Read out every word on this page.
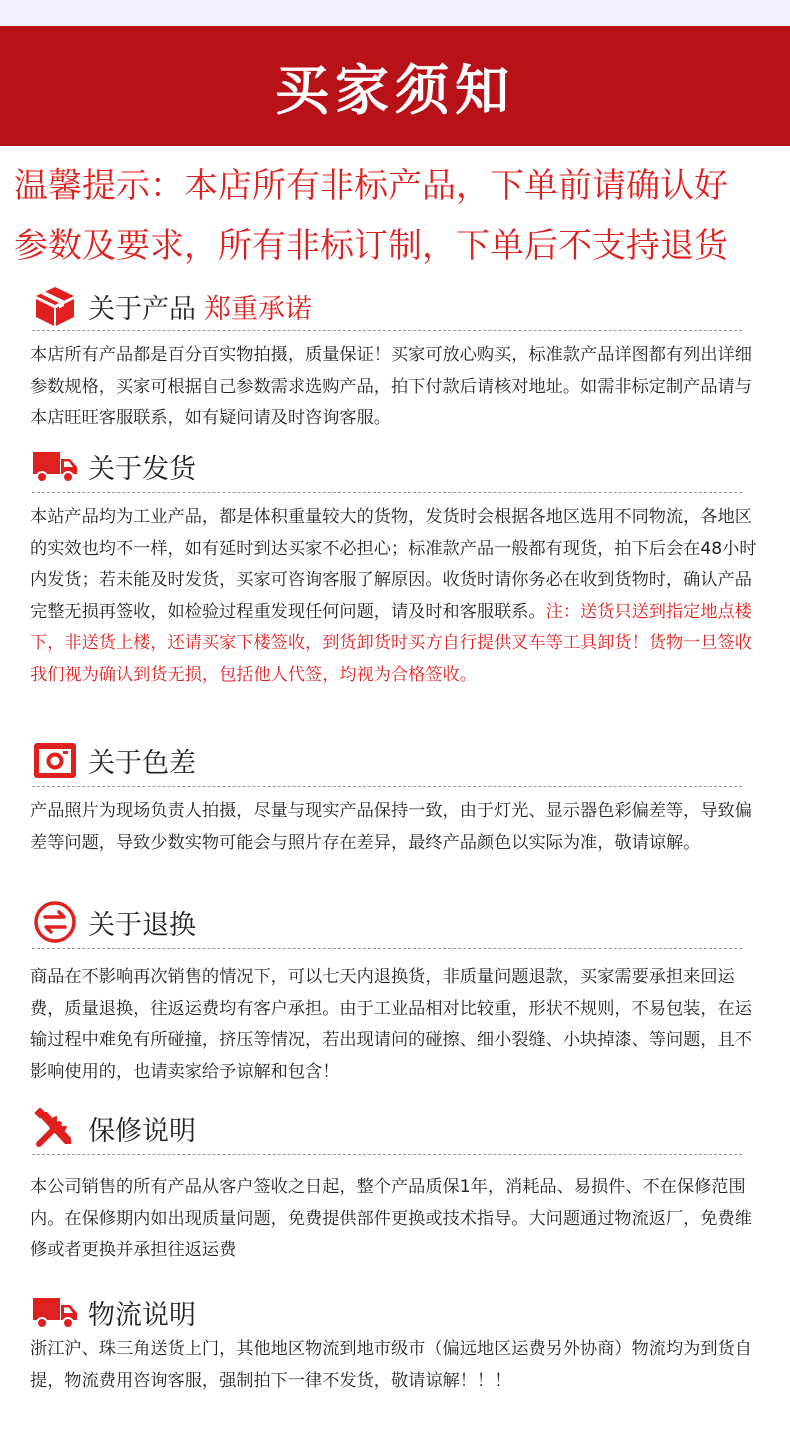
买家须知
温馨提示：本店所有非标产品，下单前请确认好
参数及要求，所有非标订制，下单后不支持退货
关于产品 郑重承诺
本店所有产品都是百分百实物拍摄，质量保证！买家可放心购买，标准款产品详图都有列出详细参数规格，买家可根据自己参数需求选购产品，拍下付款后请核对地址。如需非标定制产品请与本店旺旺客服联系，如有疑问请及时咨询客服。
关于发货
本站产品均为工业产品，都是体积重量较大的货物，发货时会根据各地区选用不同物流，各地区的实效也均不一样，如有延时到达买家不必担心；标准款产品一般都有现货，拍下后会在48小时内发货；若未能及时发货，买家可咨询客服了解原因。收货时请你务必在收到货物时，确认产品完整无损再签收，如检验过程重发现任何问题，请及时和客服联系。注：送货只送到指定地点楼下，非送货上楼，还请买家下楼签收，到货卸货时买方自行提供叉车等工具卸货！货物一旦签收我们视为确认到货无损，包括他人代签，均视为合格签收。
关于色差
产品照片为现场负责人拍摄，尽量与现实产品保持一致，由于灯光、显示器色彩偏差等，导致偏差等问题，导致少数实物可能会与照片存在差异，最终产品颜色以实际为准，敬请谅解。
关于退换
商品在不影响再次销售的情况下，可以七天内退换货，非质量问题退款，买家需要承担来回运费，质量退换，往返运费均有客户承担。由于工业品相对比较重，形状不规则，不易包装，在运输过程中难免有所碰撞，挤压等情况，若出现请问的碰擦、细小裂缝、小块掉漆、等问题，且不影响使用的，也请卖家给予谅解和包含！
保修说明
本公司销售的所有产品从客户签收之日起，整个产品质保1年，消耗品、易损件、不在保修范围内。在保修期内如出现质量问题，免费提供部件更换或技术指导。大问题通过物流返厂，免费维修或者更换并承担往返运费
物流说明
浙江沪、珠三角送货上门，其他地区物流到地市级市（偏远地区运费另外协商）物流均为到货自提，物流费用咨询客服，强制拍下一律不发货，敬请谅解！！！
